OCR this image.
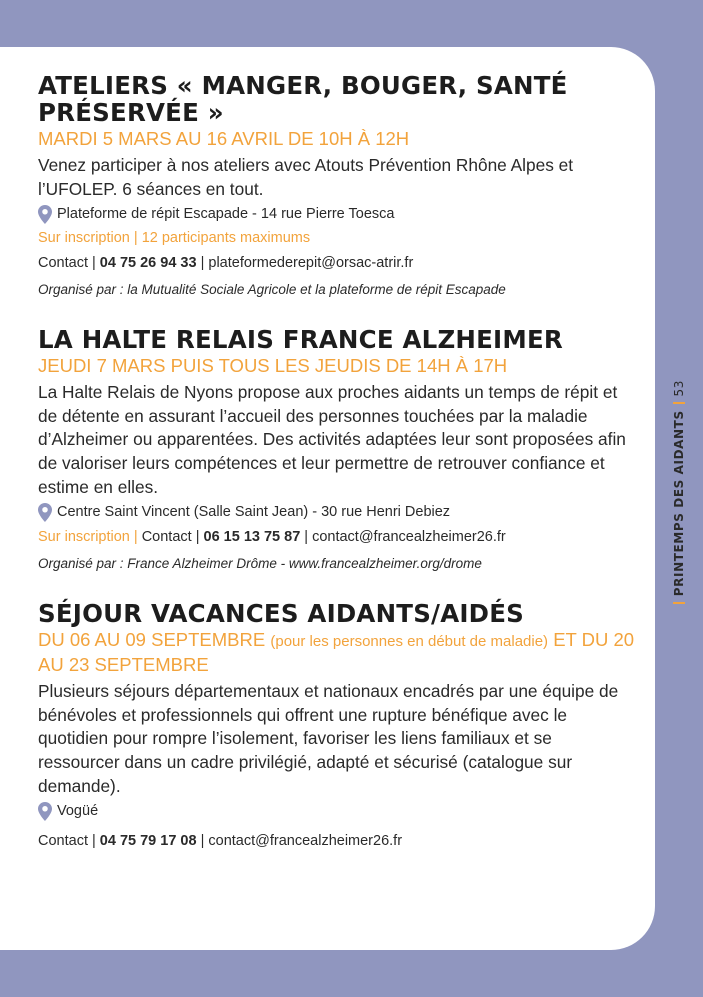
ATELIERS « MANGER, BOUGER, SANTÉ PRÉSERVÉE »
MARDI 5 MARS AU 16 AVRIL DE 10H À 12H
Venez participer à nos ateliers avec Atouts Prévention Rhône Alpes et l’UFOLEP. 6 séances en tout.
Plateforme de répit Escapade - 14 rue Pierre Toesca
Sur inscription | 12 participants maximums
Contact | 04 75 26 94 33 | plateformederepit@orsac-atrir.fr
Organisé par : la Mutualité Sociale Agricole et la plateforme de répit Escapade
LA HALTE RELAIS FRANCE ALZHEIMER
JEUDI 7 MARS PUIS TOUS LES JEUDIS DE 14H À 17H
La Halte Relais de Nyons propose aux proches aidants un temps de répit et de détente en assurant l’accueil des personnes touchées par la maladie d’Alzheimer ou apparentées. Des activités adaptées leur sont proposées afin de valoriser leurs compétences et leur permettre de retrouver confiance et estime en elles.
Centre Saint Vincent (Salle Saint Jean) - 30 rue Henri Debiez
Sur inscription | Contact | 06 15 13 75 87 | contact@francealzheimer26.fr
Organisé par : France Alzheimer Drôme - www.francealzheimer.org/drome
SÉJOUR VACANCES AIDANTS/AIDÉS
DU 06 AU 09 SEPTEMBRE (pour les personnes en début de maladie) ET DU 20 AU 23 SEPTEMBRE
Plusieurs séjours départementaux et nationaux encadrés par une équipe de bénévoles et professionnels qui offrent une rupture bénéfique avec le quotidien pour rompre l’isolement, favoriser les liens familiaux et se ressourcer dans un cadre privilégié, adapté et sécurisé (catalogue sur demande).
Vogüé
Contact | 04 75 79 17 08 | contact@francealzheimer26.fr
PRINTEMPS DES AIDANTS
53
